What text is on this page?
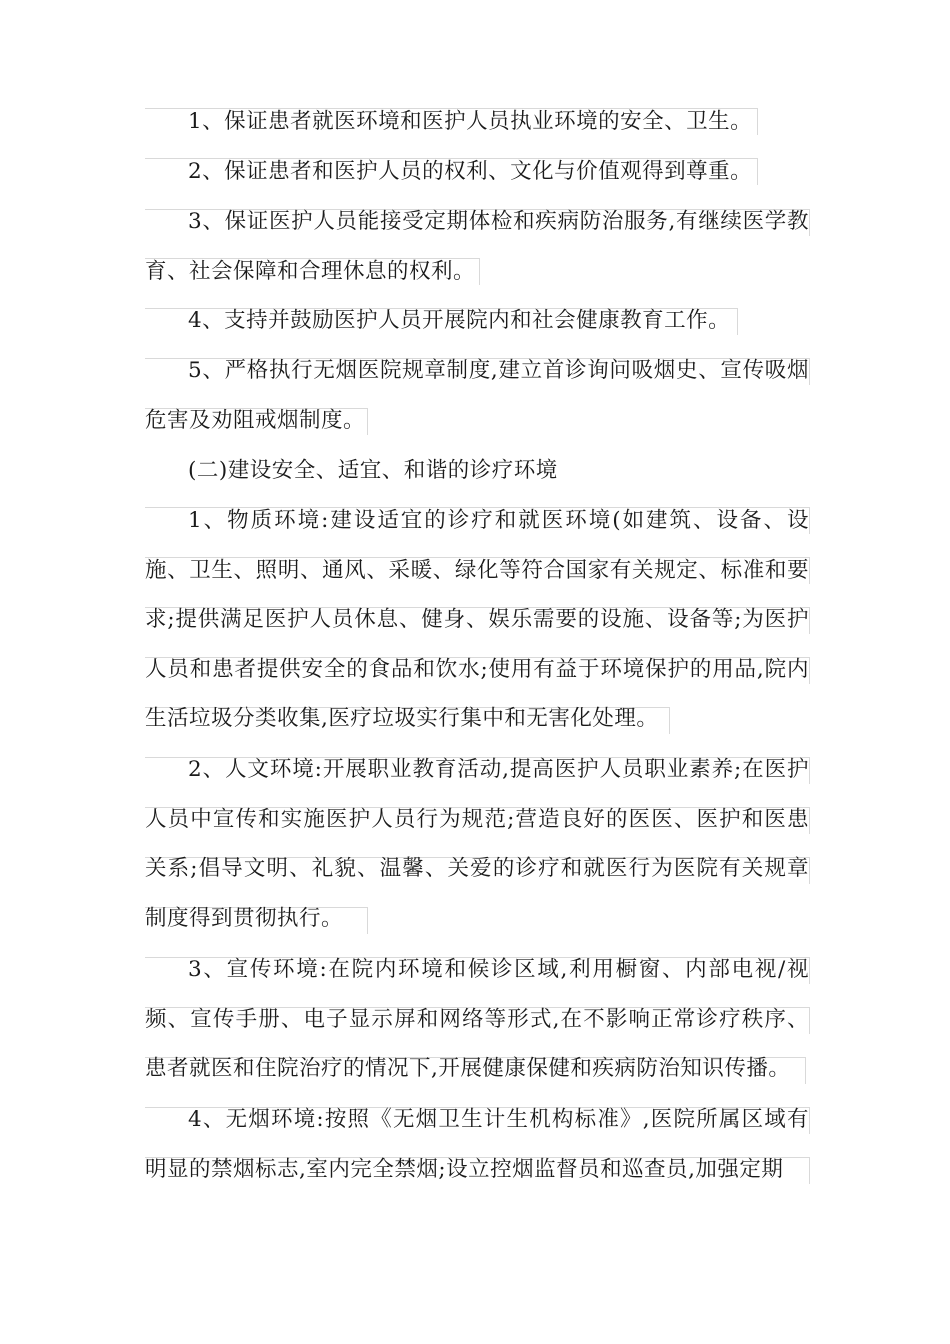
1、保证患者就医环境和医护人员执业环境的安全、卫生。

2、保证患者和医护人员的权利、文化与价值观得到尊重。

3、保证医护人员能接受定期体检和疾病防治服务,有继续医学教育、社会保障和合理休息的权利。

4、支持并鼓励医护人员开展院内和社会健康教育工作。

5、严格执行无烟医院规章制度,建立首诊询问吸烟史、宣传吸烟危害及劝阻戒烟制度。

(二)建设安全、适宜、和谐的诊疗环境

1、物质环境:建设适宜的诊疗和就医环境(如建筑、设备、设施、卫生、照明、通风、采暖、绿化等符合国家有关规定、标准和要求;提供满足医护人员休息、健身、娱乐需要的设施、设备等;为医护人员和患者提供安全的食品和饮水;使用有益于环境保护的用品,院内生活垃圾分类收集,医疗垃圾实行集中和无害化处理。

2、人文环境:开展职业教育活动,提高医护人员职业素养;在医护人员中宣传和实施医护人员行为规范;营造良好的医医、医护和医患关系;倡导文明、礼貌、温馨、关爱的诊疗和就医行为医院有关规章制度得到贯彻执行。

3、宣传环境:在院内环境和候诊区域,利用橱窗、内部电视/视频、宣传手册、电子显示屏和网络等形式,在不影响正常诊疗秩序、患者就医和住院治疗的情况下,开展健康保健和疾病防治知识传播。

4、无烟环境:按照《无烟卫生计生机构标准》,医院所属区域有明显的禁烟标志,室内完全禁烟;设立控烟监督员和巡查员,加强定期
